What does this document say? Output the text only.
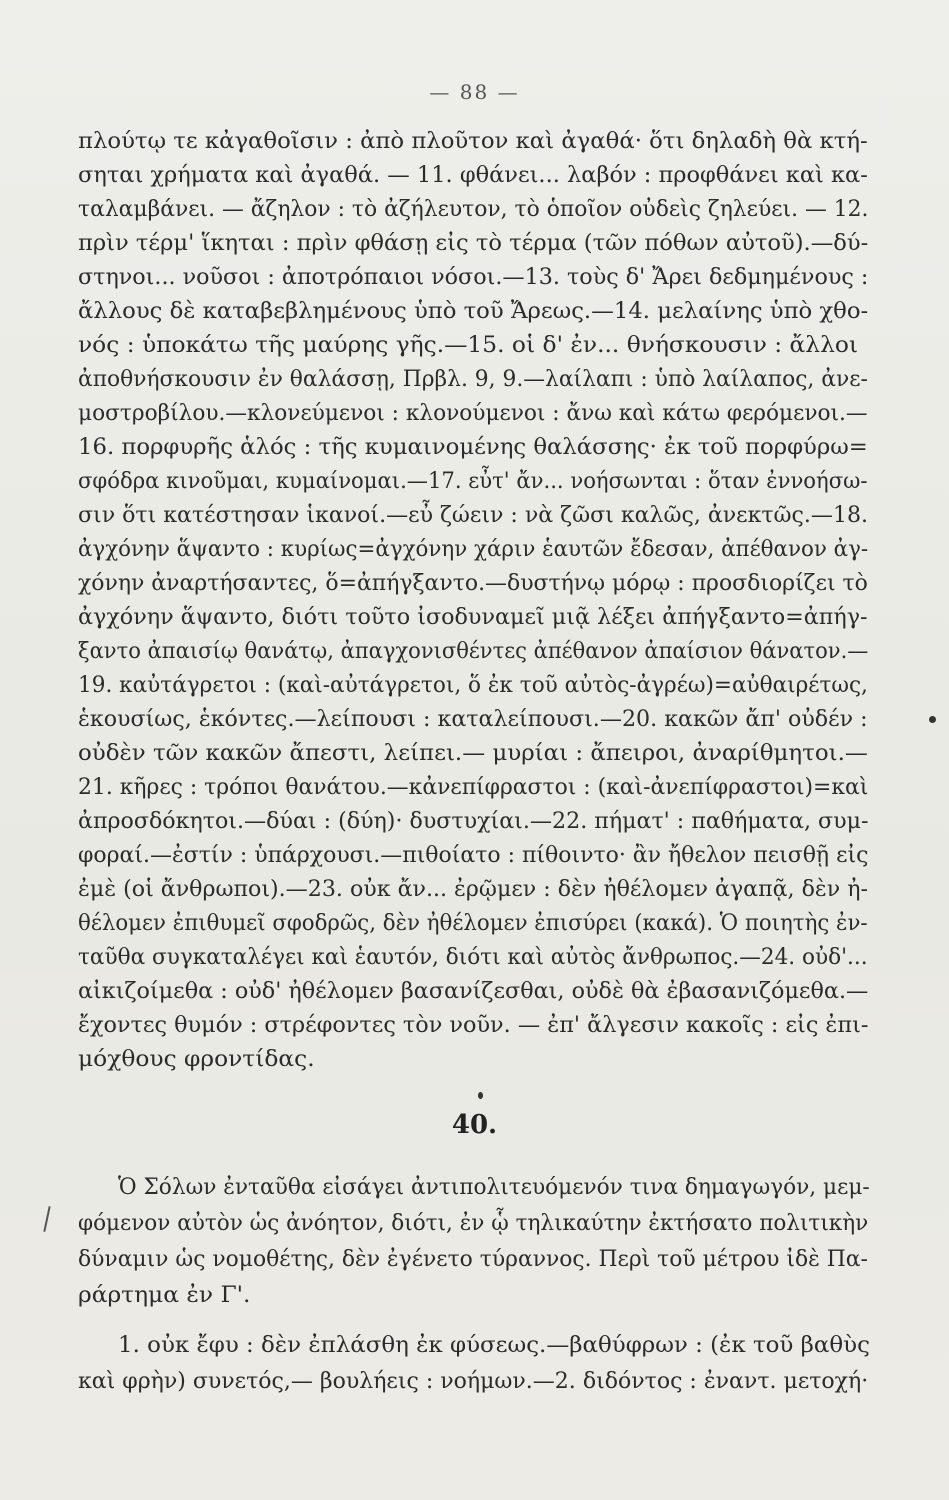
— 88 —
πλούτῳ τε κἀγαθοῖσιν : ἀπὸ πλοῦτον καὶ ἀγαθά· ὅτι δηλαδὴ θὰ κτή-
σηται χρήματα καὶ ἀγαθά. — 11. φθάνει... λαβόν : προφθάνει καὶ κα-
ταλαμβάνει. — ἄζηλον : τὸ ἀζήλευτον, τὸ ὁποῖον οὐδεὶς ζηλεύει. — 12.
πρὶν τέρμ' ἵκηται : πρὶν φθάσῃ εἰς τὸ τέρμα (τῶν πόθων αὐτοῦ).—δύ-
στηνοι... νοῦσοι : ἀποτρόπαιοι νόσοι.—13. τοὺς δ' Ἄρει δεδμημένους :
ἄλλους δὲ καταβεβλημένους ὑπὸ τοῦ Ἄρεως.—14. μελαίνης ὑπὸ χθο-
νός : ὑποκάτω τῆς μαύρης γῆς.—15. οἱ δ' ἐν... θνήσκουσιν : ἄλλοι
ἀποθνήσκουσιν ἐν θαλάσσῃ, Πρβλ. 9, 9.—λαίλαπι : ὑπὸ λαίλαπος, ἀνε-
μοστροβίλου.—κλονεύμενοι : κλονούμενοι : ἄνω καὶ κάτω φερόμενοι.—
16. πορφυρῆς ἁλός : τῆς κυμαινομένης θαλάσσης· ἐκ τοῦ πορφύρω=
σφόδρα κινοῦμαι, κυμαίνομαι.—17. εὖτ' ἄν... νοήσωνται : ὅταν ἐννοήσω-
σιν ὅτι κατέστησαν ἱκανοί.—εὖ ζώειν : νὰ ζῶσι καλῶς, ἀνεκτῶς.—18.
ἀγχόνην ἅψαντο : κυρίως=ἀγχόνην χάριν ἑαυτῶν ἔδεσαν, ἀπέθανον ἀγ-
χόνην ἀναρτήσαντες, ὅ=ἀπήγξαντο.—δυστήνῳ μόρῳ : προσδιορίζει τὸ
ἀγχόνην ἅψαντο, διότι τοῦτο ἰσοδυναμεῖ μιᾷ λέξει ἀπήγξαντο=ἀπήγ-
ξαντο ἀπαισίῳ θανάτῳ, ἀπαγχονισθέντες ἀπέθανον ἀπαίσιον θάνατον.—
19. καὐτάγρετοι : (καὶ-αὐτάγρετοι, ὅ ἐκ τοῦ αὐτὸς-ἀγρέω)=αὐθαιρέτως,
ἑκουσίως, ἑκόντες.—λείπουσι : καταλείπουσι.—20. κακῶν ἄπ' οὐδέν :
οὐδὲν τῶν κακῶν ἄπεστι, λείπει.— μυρίαι : ἄπειροι, ἀναρίθμητοι.—
21. κῆρες : τρόποι θανάτου.—κἀνεπίφραστοι : (καὶ-ἀνεπίφραστοι)=καὶ
ἀπροσδόκητοι.—δύαι : (δύη)· δυστυχίαι.—22. πήματ' : παθήματα, συμ-
φοραί.—ἐστίν : ὑπάρχουσι.—πιθοίατο : πίθοιντο· ἂν ἤθελον πεισθῇ εἰς
ἐμὲ (οἱ ἄνθρωποι).—23. οὐκ ἄν... ἐρῷμεν : δὲν ἠθέλομεν ἀγαπᾷ, δὲν ἠ-
θέλομεν ἐπιθυμεῖ σφοδρῶς, δὲν ἠθέλομεν ἐπισύρει (κακά). Ὁ ποιητὴς ἐν-
ταῦθα συγκαταλέγει καὶ ἑαυτόν, διότι καὶ αὐτὸς ἄνθρωπος.—24. οὐδ'...
αἰκιζοίμεθα : οὐδ' ἠθέλομεν βασανίζεσθαι, οὐδὲ θὰ ἐβασανιζόμεθα.—
ἔχοντες θυμόν : στρέφοντες τὸν νοῦν. — ἐπ' ἄλγεσιν κακοῖς : εἰς ἐπι-
μόχθους φροντίδας.
40.
Ὁ Σόλων ἐνταῦθα εἰσάγει ἀντιπολιτευόμενόν τινα δημαγωγόν, μεμ-
φόμενον αὐτὸν ὡς ἀνόητον, διότι, ἐν ᾧ τηλικαύτην ἐκτήσατο πολιτικὴν
δύναμιν ὡς νομοθέτης, δὲν ἐγένετο τύραννος. Περὶ τοῦ μέτρου ἰδὲ Πα-
ράρτημα ἐν Γ'.
1. οὐκ ἔφυ : δὲν ἐπλάσθη ἐκ φύσεως.—βαθύφρων : (ἐκ τοῦ βαθὺς
καὶ φρὴν) συνετός,— βουλήεις : νοήμων.—2. διδόντος : ἐναντ. μετοχή·
